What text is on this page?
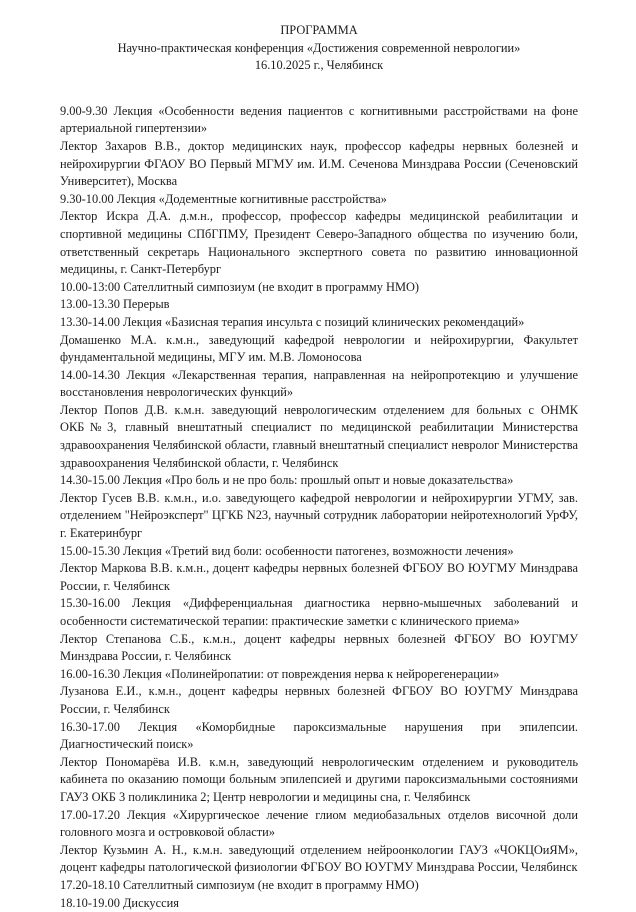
ПРОГРАММА
Научно-практическая конференция «Достижения современной неврологии»
16.10.2025 г., Челябинск

9.00-9.30 Лекция «Особенности ведения пациентов с когнитивными расстройствами на фоне артериальной гипертензии»

Лектор Захаров В.В., доктор медицинских наук, профессор кафедры нервных болезней и нейрохирургии ФГАОУ ВО Первый МГМУ им. И.М. Сеченова Минздрава России (Сеченовский Университет), Москва

9.30-10.00 Лекция «Додементные когнитивные расстройства»

Лектор Искра Д.А. д.м.н., профессор, профессор кафедры медицинской реабилитации и спортивной медицины СПбГПМУ, Президент Северо-Западного общества по изучению боли, ответственный секретарь Национального экспертного совета по развитию инновационной медицины, г. Санкт-Петербург

10.00-13:00 Сателлитный симпозиум (не входит в программу НМО)

13.00-13.30 Перерыв

13.30-14.00 Лекция «Базисная терапия инсульта с позиций клинических рекомендаций»

Домашенко М.А. к.м.н., заведующий кафедрой неврологии и нейрохирургии, Факультет фундаментальной медицины, МГУ им. М.В. Ломоносова

14.00-14.30 Лекция «Лекарственная терапия, направленная на нейропротекцию и улучшение восстановления неврологических функций»

Лектор Попов Д.В. к.м.н. заведующий неврологическим отделением для больных с ОНМК ОКБ№3, главный внештатный специалист по медицинской реабилитации Министерства здравоохранения Челябинской области, главный внештатный специалист невролог Министерства здравоохранения Челябинской области, г. Челябинск

14.30-15.00 Лекция «Про боль и не про боль: прошлый опыт и новые доказательства»

Лектор Гусев В.В. к.м.н., и.о. заведующего кафедрой неврологии и нейрохирургии УГМУ, зав. отделением "Нейроэксперт" ЦГКБ N23, научный сотрудник лаборатории нейротехнологий УрФУ, г. Екатеринбург

15.00-15.30 Лекция «Третий вид боли: особенности патогенез, возможности лечения»

Лектор Маркова В.В. к.м.н., доцент кафедры нервных болезней ФГБОУ ВО ЮУГМУ Минздрава России, г. Челябинск

15.30-16.00 Лекция «Дифференциальная диагностика нервно-мышечных заболеваний и особенности систематической терапии: практические заметки с клинического приема»

Лектор Степанова С.Б., к.м.н., доцент кафедры нервных болезней ФГБОУ ВО ЮУГМУ Минздрава России, г. Челябинск

16.00-16.30 Лекция «Полинейропатии: от повреждения нерва к нейрорегенерации»

Лузанова Е.И., к.м.н., доцент кафедры нервных болезней ФГБОУ ВО ЮУГМУ Минздрава России, г. Челябинск

16.30-17.00 Лекция «Коморбидные пароксизмальные нарушения при эпилепсии. Диагностический поиск»

Лектор Пономарёва И.В. к.м.н, заведующий неврологическим отделением и руководитель кабинета по оказанию помощи больным эпилепсией и другими пароксизмальными состояниями ГАУЗ ОКБ 3 поликлиника 2; Центр неврологии и медицины сна, г. Челябинск

17.00-17.20 Лекция «Хирургическое лечение глиом медиобазальных отделов височной доли головного мозга и островковой области»

Лектор Кузьмин А. Н., к.м.н. заведующий отделением нейроонкологии ГАУЗ «ЧОКЦОиЯМ», доцент кафедры патологической физиологии ФГБОУ ВО ЮУГМУ Минздрава России, Челябинск

17.20-18.10 Сателлитный симпозиум (не входит в программу НМО)

18.10-19.00 Дискуссия
